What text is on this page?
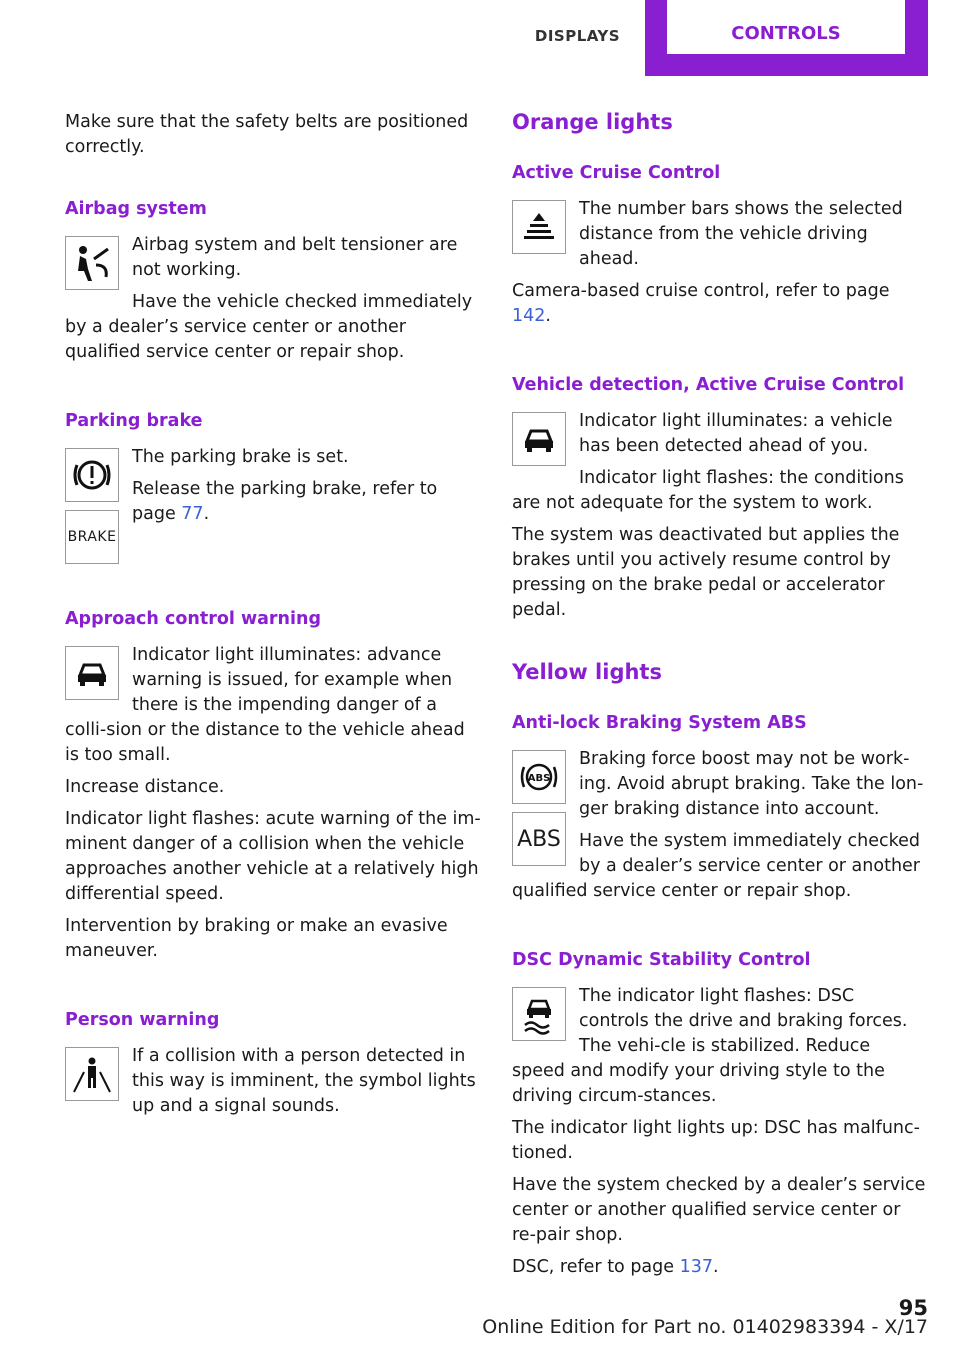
DISPLAYS	CONTROLS

Make sure that the safety belts are positioned correctly.

Airbag system

Airbag system and belt tensioner are not working.

Have the vehicle checked immediately by a dealer’s service center or another qualified service center or repair shop.

Parking brake
BRAKE

The parking brake is set.

Release the parking brake, refer to page 77.

Approach control warning

Indicator light illuminates: advance warning is issued, for example when there is the impending danger of a colli‐sion or the distance to the vehicle ahead is too small.

Increase distance.

Indicator light flashes: acute warning of the im‐minent danger of a collision when the vehicle approaches another vehicle at a relatively high differential speed.

Intervention by braking or make an evasive maneuver.

Person warning

If a collision with a person detected in this way is imminent, the symbol lights up and a signal sounds.

Orange lights
Active Cruise Control

The number bars shows the selected distance from the vehicle driving ahead.

Camera-based cruise control, refer to page 142.

Vehicle detection, Active Cruise Control

Indicator light illuminates: a vehicle has been detected ahead of you.

Indicator light flashes: the conditions are not adequate for the system to work.

The system was deactivated but applies the brakes until you actively resume control by pressing on the brake pedal or accelerator pedal.

Yellow lights
Anti-lock Braking System ABS
ABS
ABS

Braking force boost may not be work‐ing. Avoid abrupt braking. Take the lon‐ger braking distance into account.

Have the system immediately checked by a dealer’s service center or another qualified service center or repair shop.

DSC Dynamic Stability Control

The indicator light flashes: DSC controls the drive and braking forces. The vehi‐cle is stabilized. Reduce speed and modify your driving style to the driving circum‐stances.

The indicator light lights up: DSC has malfunc‐tioned.

Have the system checked by a dealer’s service center or another qualified service center or re‐pair shop.

DSC, refer to page 137.

95
Online Edition for Part no. 01402983394 - X/17
